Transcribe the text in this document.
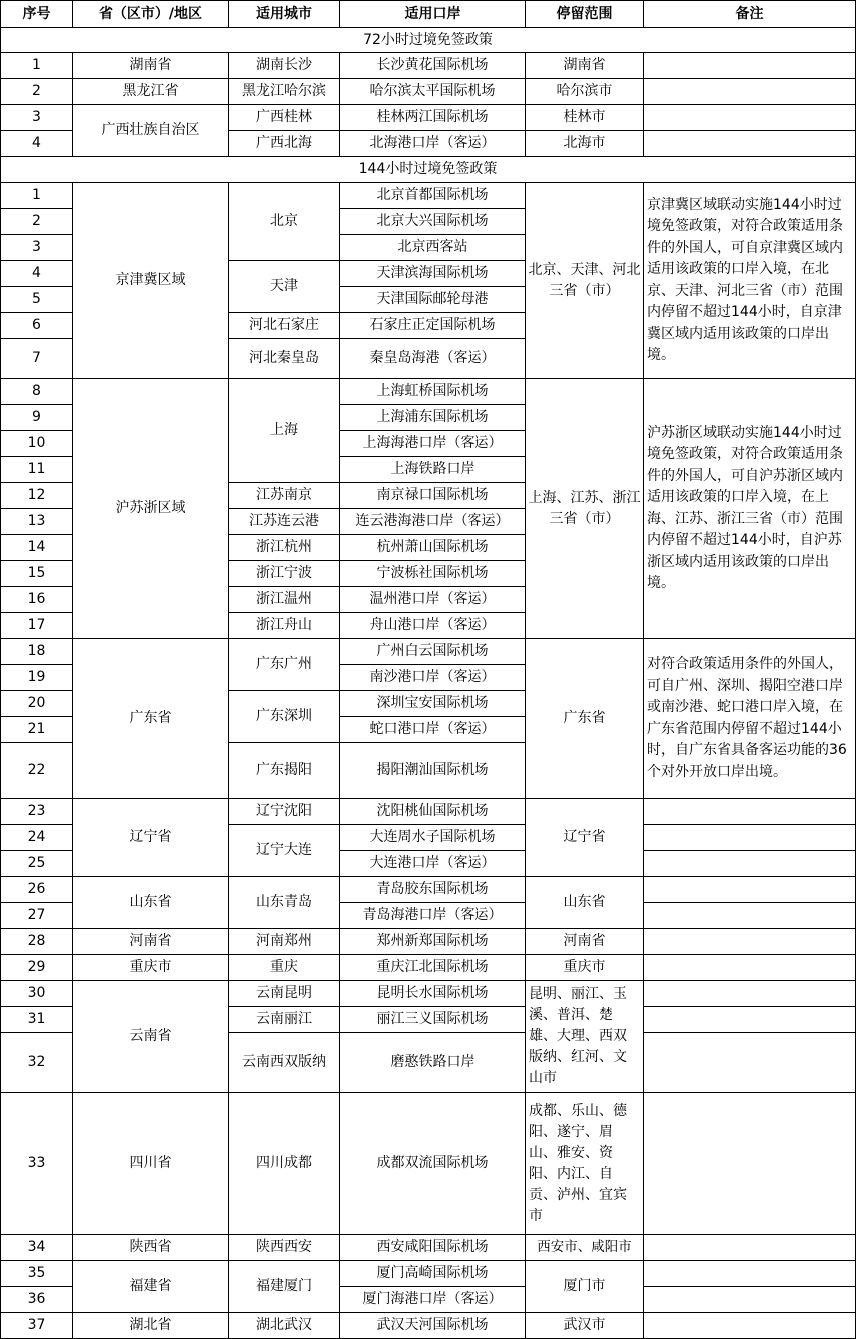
序号	省（区市）/地区	适用城市	适用口岸	停留范围	备注
72小时过境免签政策					
1	湖南省	湖南长沙	长沙黄花国际机场	湖南省	
2	黑龙江省	黑龙江哈尔滨	哈尔滨太平国际机场	哈尔滨市	
3	广西壮族自治区	广西桂林	桂林两江国际机场	桂林市	
4		广西北海	北海港口岸（客运）	北海市	
144小时过境免签政策					
1	京津冀区域	北京	北京首都国际机场	北京、天津、河北三省（市）	京津冀区域联动实施144小时过境免签政策，对符合政策适用条件的外国人，可自京津冀区域内适用该政策的口岸入境，在北京、天津、河北三省（市）范围内停留不超过144小时，自京津冀区域内适用该政策的口岸出境。
2			北京大兴国际机场		
3			北京西客站		
4		天津	天津滨海国际机场		
5			天津国际邮轮母港		
6		河北石家庄	石家庄正定国际机场		
7		河北秦皇岛	秦皇岛海港（客运）		
8	沪苏浙区域	上海	上海虹桥国际机场	上海、江苏、浙江三省（市）	沪苏浙区域联动实施144小时过境免签政策，对符合政策适用条件的外国人，可自沪苏浙区域内适用该政策的口岸入境，在上海、江苏、浙江三省（市）范围内停留不超过144小时，自沪苏浙区域内适用该政策的口岸出境。
9			上海浦东国际机场		
10			上海海港口岸（客运）		
11			上海铁路口岸		
12		江苏南京	南京禄口国际机场		
13		江苏连云港	连云港海港口岸（客运）		
14		浙江杭州	杭州萧山国际机场		
15		浙江宁波	宁波栎社国际机场		
16		浙江温州	温州港口岸（客运）		
17		浙江舟山	舟山港口岸（客运）		
18	广东省	广东广州	广州白云国际机场	广东省	对符合政策适用条件的外国人，可自广州、深圳、揭阳空港口岸或南沙港、蛇口港口岸入境，在广东省范围内停留不超过144小时，自广东省具备客运功能的36个对外开放口岸出境。
19			南沙港口岸（客运）		
20		广东深圳	深圳宝安国际机场		
21			蛇口港口岸（客运）		
22		广东揭阳	揭阳潮汕国际机场		
23	辽宁省	辽宁沈阳	沈阳桃仙国际机场	辽宁省	
24		辽宁大连	大连周水子国际机场		
25			大连港口岸（客运）		
26	山东省	山东青岛	青岛胶东国际机场	山东省	
27			青岛海港口岸（客运）		
28	河南省	河南郑州	郑州新郑国际机场	河南省	
29	重庆市	重庆	重庆江北国际机场	重庆市	
30	云南省	云南昆明	昆明长水国际机场	昆明、丽江、玉溪、普洱、楚雄、大理、西双版纳、红河、文山市	
31		云南丽江	丽江三义国际机场		
32		云南西双版纳	磨憨铁路口岸		
33	四川省	四川成都	成都双流国际机场	成都、乐山、德阳、遂宁、眉山、雅安、资阳、内江、自贡、泸州、宜宾市	
34	陕西省	陕西西安	西安咸阳国际机场	西安市、咸阳市	
35	福建省	福建厦门	厦门高崎国际机场	厦门市	
36			厦门海港口岸（客运）		
37	湖北省	湖北武汉	武汉天河国际机场	武汉市	
